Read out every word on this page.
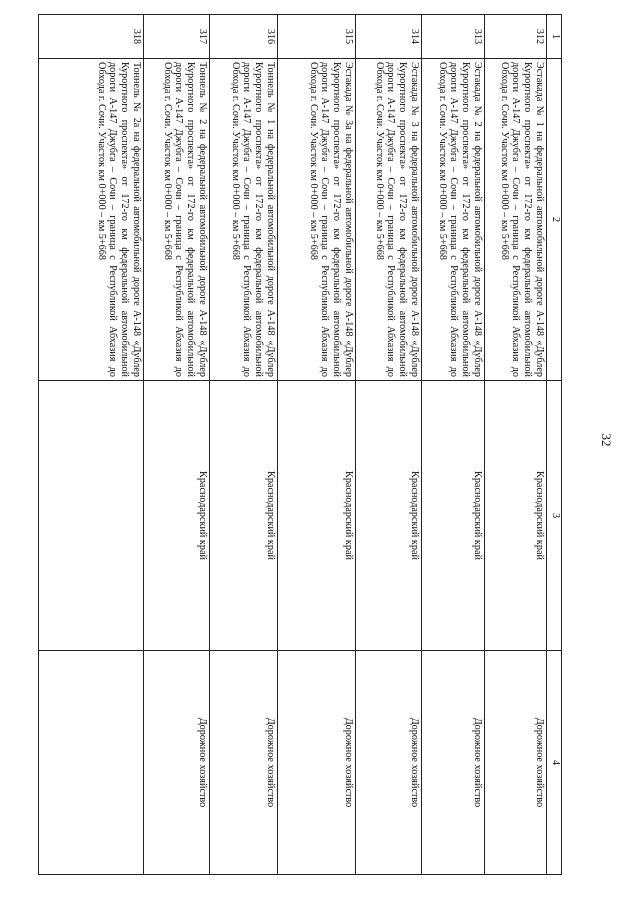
32
1	2	3	4
312	Эстакада № 1 на федеральной автомобильной дороге А-148 «Дублер Курортного проспекта» от 172-го км федеральной автомобильной дороги А-147 Джубга – Сочи – граница с Республикой Абхазия до Обхода г. Сочи. Участок км 0+000 – км 5+668	Краснодарский край	Дорожное хозяйство
313	Эстакада № 2 на федеральной автомобильной дороге А-148 «Дублер Курортного проспекта» от 172-го км федеральной автомобильной дороги А-147 Джубга – Сочи – граница с Республикой Абхазия до Обхода г. Сочи. Участок км 0+000 – км 5+668	Краснодарский край	Дорожное хозяйство
314	Эстакада № 3 на федеральной автомобильной дороге А-148 «Дублер Курортного проспекта» от 172-го км федеральной автомобильной дороги А-147 Джубга – Сочи – граница с Республикой Абхазия до Обхода г. Сочи. Участок км 0+000 – км 5+668	Краснодарский край	Дорожное хозяйство
315	Эстакада № 3а на федеральной автомобильной дороге А-148 «Дублер Курортного проспекта» от 172-го км федеральной автомобильной дороги А-147 Джубга – Сочи – граница с Республикой Абхазия до Обхода г. Сочи. Участок км 0+000 – км 5+668	Краснодарский край	Дорожное хозяйство
316	Тоннель № 1 на федеральной автомобильной дороге А-148 «Дублер Курортного проспекта» от 172-го км федеральной автомобильной дороги А-147 Джубга – Сочи – граница с Республикой Абхазия до Обхода г. Сочи. Участок км 0+000 – км 5+668	Краснодарский край	Дорожное хозяйство
317	Тоннель № 2 на федеральной автомобильной дороге А-148 «Дублер Курортного проспекта» от 172-го км федеральной автомобильной дороги А-147 Джубга – Сочи – граница с Республикой Абхазия до Обхода г. Сочи. Участок км 0+000 – км 5+668	Краснодарский край	Дорожное хозяйство
318	Тоннель № 2а на федеральной автомобильной дороге А-148 «Дублер Курортного проспекта» от 172-го км федеральной автомобильной дороги А-147 Джубга – Сочи – граница с Республикой Абхазия до Обхода г. Сочи. Участок км 0+000 – км 5+668		
